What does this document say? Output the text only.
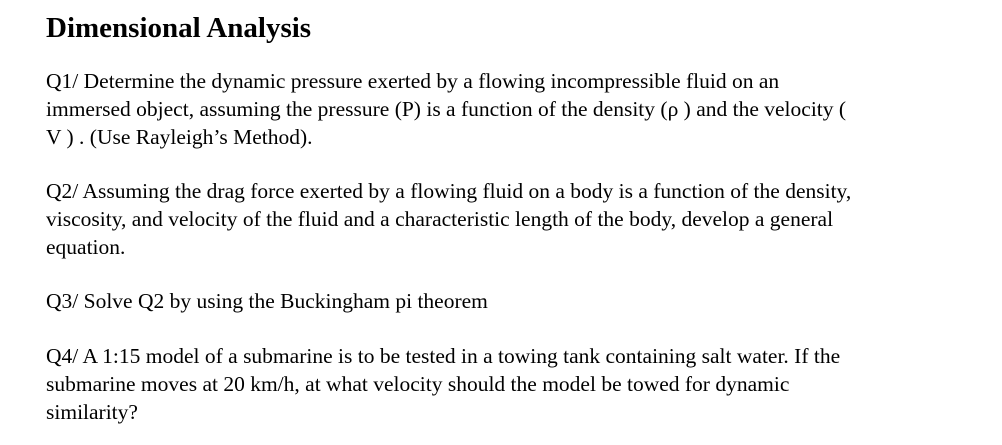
Dimensional Analysis

Q1/ Determine the dynamic pressure exerted by a flowing incompressible fluid on an

immersed object, assuming the pressure (P) is a function of the density (ρ ) and the velocity (

V ) . (Use Rayleigh’s Method).

Q2/ Assuming the drag force exerted by a flowing fluid on a body is a function of the density,

viscosity, and velocity of the fluid and a characteristic length of the body, develop a general

equation.

Q3/ Solve Q2 by using the Buckingham pi theorem

Q4/ A 1:15 model of a submarine is to be tested in a towing tank containing salt water. If the

submarine moves at 20 km/h, at what velocity should the model be towed for dynamic

similarity?
